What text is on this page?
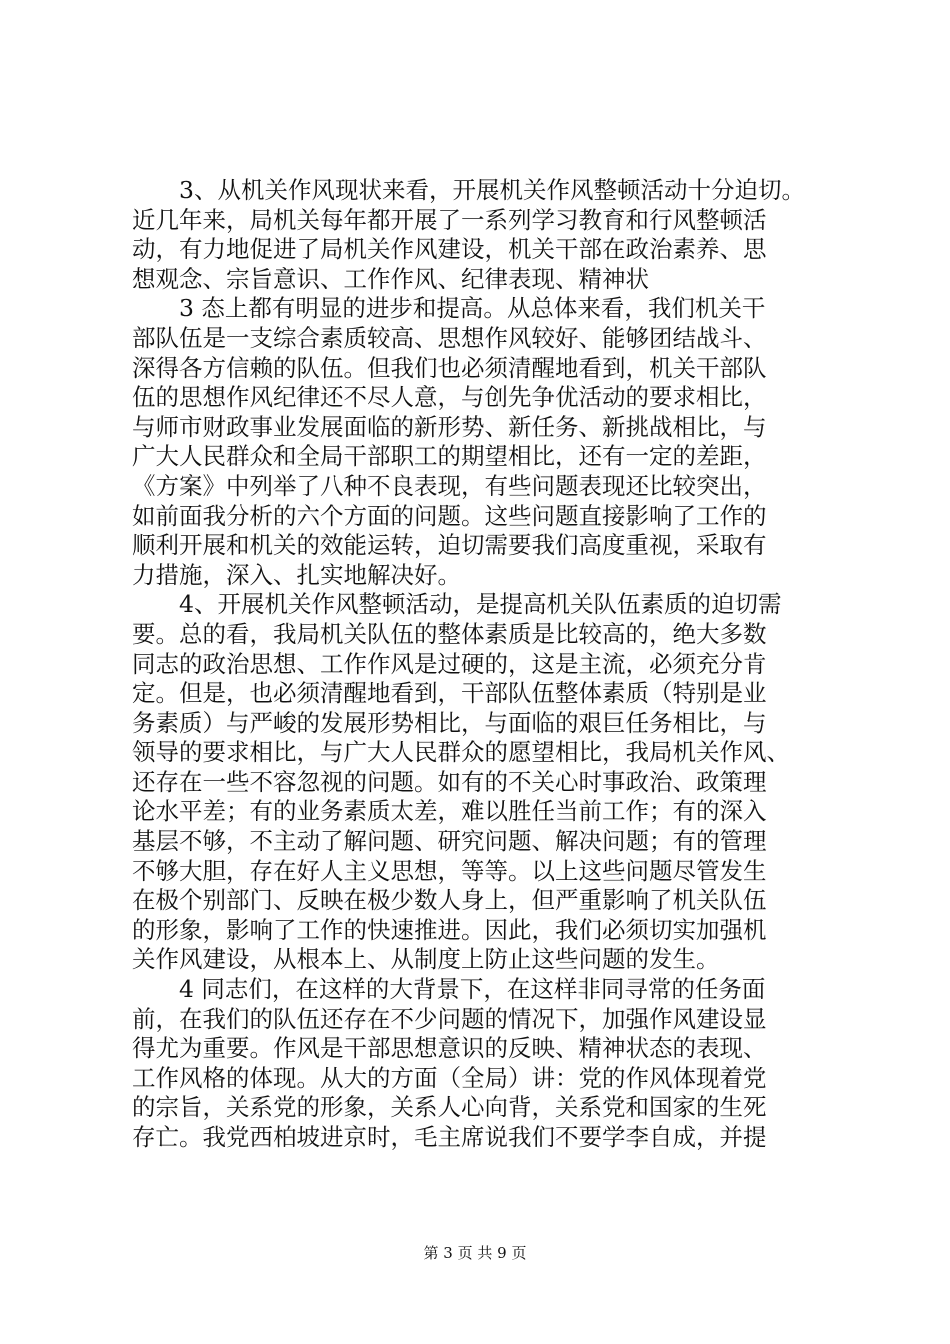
3、从机关作风现状来看，开展机关作风整顿活动十分迫切。
近几年来，局机关每年都开展了一系列学习教育和行风整顿活
动，有力地促进了局机关作风建设，机关干部在政治素养、思
想观念、宗旨意识、工作作风、纪律表现、精神状
3 态上都有明显的进步和提高。从总体来看，我们机关干
部队伍是一支综合素质较高、思想作风较好、能够团结战斗、
深得各方信赖的队伍。但我们也必须清醒地看到，机关干部队
伍的思想作风纪律还不尽人意，与创先争优活动的要求相比，
与师市财政事业发展面临的新形势、新任务、新挑战相比，与
广大人民群众和全局干部职工的期望相比，还有一定的差距，
《方案》中列举了八种不良表现，有些问题表现还比较突出，
如前面我分析的六个方面的问题。这些问题直接影响了工作的
顺利开展和机关的效能运转，迫切需要我们高度重视，采取有
力措施，深入、扎实地解决好。
4、开展机关作风整顿活动，是提高机关队伍素质的迫切需
要。总的看，我局机关队伍的整体素质是比较高的，绝大多数
同志的政治思想、工作作风是过硬的，这是主流，必须充分肯
定。但是，也必须清醒地看到，干部队伍整体素质（特别是业
务素质）与严峻的发展形势相比，与面临的艰巨任务相比，与
领导的要求相比，与广大人民群众的愿望相比，我局机关作风、
还存在一些不容忽视的问题。如有的不关心时事政治、政策理
论水平差；有的业务素质太差，难以胜任当前工作；有的深入
基层不够，不主动了解问题、研究问题、解决问题；有的管理
不够大胆，存在好人主义思想，等等。以上这些问题尽管发生
在极个别部门、反映在极少数人身上，但严重影响了机关队伍
的形象，影响了工作的快速推进。因此，我们必须切实加强机
关作风建设，从根本上、从制度上防止这些问题的发生。
4 同志们，在这样的大背景下，在这样非同寻常的任务面
前，在我们的队伍还存在不少问题的情况下，加强作风建设显
得尤为重要。作风是干部思想意识的反映、精神状态的表现、
工作风格的体现。从大的方面（全局）讲：党的作风体现着党
的宗旨，关系党的形象，关系人心向背，关系党和国家的生死
存亡。我党西柏坡进京时，毛主席说我们不要学李自成，并提
第 3 页 共 9 页
